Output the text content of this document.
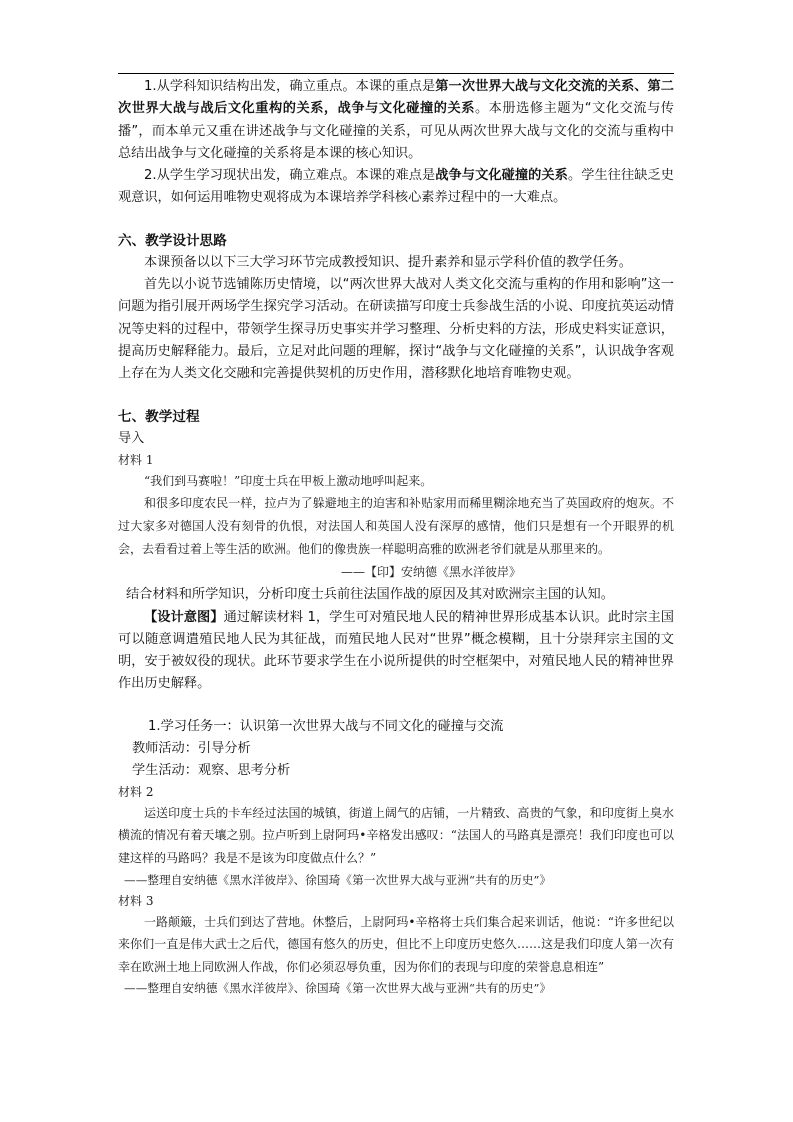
1.从学科知识结构出发，确立重点。本课的重点是第一次世界大战与文化交流的关系、第二次世界大战与战后文化重构的关系，战争与文化碰撞的关系。本册选修主题为“文化交流与传播”，而本单元又重在讲述战争与文化碰撞的关系，可见从两次世界大战与文化的交流与重构中总结出战争与文化碰撞的关系将是本课的核心知识。

2.从学生学习现状出发，确立难点。本课的难点是战争与文化碰撞的关系。学生往往缺乏史观意识，如何运用唯物史观将成为本课培养学科核心素养过程中的一大难点。

六、教学设计思路

本课预备以以下三大学习环节完成教授知识、提升素养和显示学科价值的教学任务。

首先以小说节选铺陈历史情境，以“两次世界大战对人类文化交流与重构的作用和影响”这一问题为指引展开两场学生探究学习活动。在研读描写印度士兵参战生活的小说、印度抗英运动情况等史料的过程中，带领学生探寻历史事实并学习整理、分析史料的方法，形成史料实证意识，提高历史解释能力。最后，立足对此问题的理解，探讨“战争与文化碰撞的关系”，认识战争客观上存在为人类文化交融和完善提供契机的历史作用，潜移默化地培育唯物史观。

七、教学过程

导入

材料 1

“我们到马赛啦！”印度士兵在甲板上激动地呼叫起来。

和很多印度农民一样，拉卢为了躲避地主的迫害和补贴家用而稀里糊涂地充当了英国政府的炮灰。不过大家多对德国人没有刻骨的仇恨，对法国人和英国人没有深厚的感情，他们只是想有一个开眼界的机会，去看看过着上等生活的欧洲。他们的像贵族一样聪明高雅的欧洲老爷们就是从那里来的。

——【印】安纳德《黑水洋彼岸》

结合材料和所学知识，分析印度士兵前往法国作战的原因及其对欧洲宗主国的认知。

【设计意图】通过解读材料 1，学生可对殖民地人民的精神世界形成基本认识。此时宗主国可以随意调遣殖民地人民为其征战，而殖民地人民对“世界”概念模糊，且十分崇拜宗主国的文明，安于被奴役的现状。此环节要求学生在小说所提供的时空框架中，对殖民地人民的精神世界作出历史解释。

1.学习任务一：认识第一次世界大战与不同文化的碰撞与交流

教师活动：引导分析

学生活动：观察、思考分析

材料 2

运送印度士兵的卡车经过法国的城镇，街道上阔气的店铺，一片精致、高贵的气象，和印度街上臭水横流的情况有着天壤之别。拉卢听到上尉阿玛•辛格发出感叹：“法国人的马路真是漂亮！我们印度也可以建这样的马路吗？我是不是该为印度做点什么？”

——整理自安纳德《黑水洋彼岸》、徐国琦《第一次世界大战与亚洲“共有的历史”》

材料 3

一路颠簸，士兵们到达了营地。休整后，上尉阿玛•辛格将士兵们集合起来训话，他说：“许多世纪以来你们一直是伟大武士之后代，德国有悠久的历史，但比不上印度历史悠久……这是我们印度人第一次有幸在欧洲土地上同欧洲人作战，你们必须忍辱负重，因为你们的表现与印度的荣誉息息相连”

——整理自安纳德《黑水洋彼岸》、徐国琦《第一次世界大战与亚洲“共有的历史”》
